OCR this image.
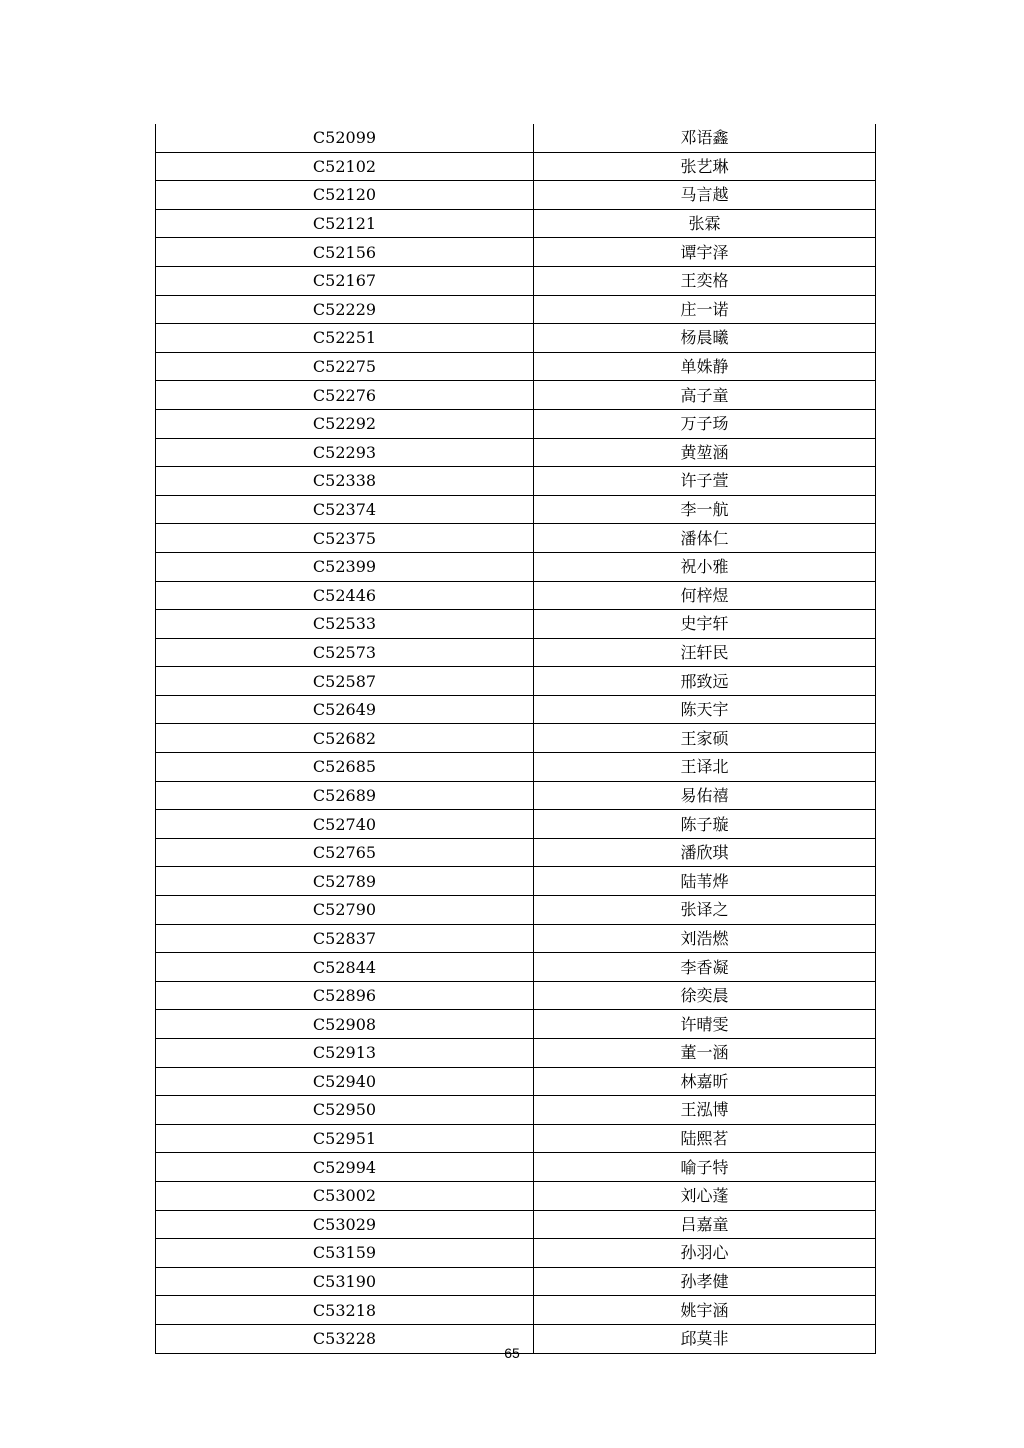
C52099	邓语鑫
C52102	张艺琳
C52120	马言越
C52121	张霖
C52156	谭宇泽
C52167	王奕格
C52229	庄一诺
C52251	杨晨曦
C52275	单姝静
C52276	高子童
C52292	万子玚
C52293	黄堃涵
C52338	许子萱
C52374	李一航
C52375	潘体仁
C52399	祝小雅
C52446	何梓煜
C52533	史宇轩
C52573	汪轩民
C52587	邢致远
C52649	陈天宇
C52682	王家硕
C52685	王译北
C52689	易佑禧
C52740	陈子璇
C52765	潘欣琪
C52789	陆苇烨
C52790	张译之
C52837	刘浩燃
C52844	李香凝
C52896	徐奕晨
C52908	许晴雯
C52913	董一涵
C52940	林嘉昕
C52950	王泓博
C52951	陆熙茗
C52994	喻子特
C53002	刘心蓬
C53029	吕嘉童
C53159	孙羽心
C53190	孙孝健
C53218	姚宇涵
C53228	邱莫非
65
